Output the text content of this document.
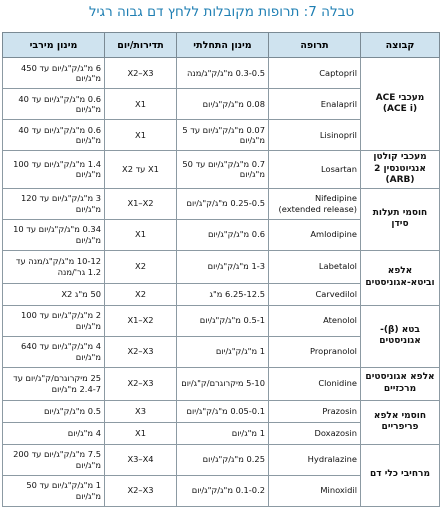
טבלה 7: תרופות מקובלות ללחץ דם גבוה רגיל
קבוצה	תרופה	מינון התחלתי	תדירות/יום	מינון מירבי
מעכבי ACE (ACE i)	Captopril	0.3-0.5 מ"ג/ק"ג/מנה	X2–X3	6 מ"ג/ק"ג/יום עד 450 מ"ג/יום
	Enalapril	0.08 מ"ג/ק"ג/יום	X1	0.6 מ"ג/ק"ג/יום עד 40 מ"ג/יום
	Lisinopril	0.07 מ"ג/ק"ג/יום עד 5 מ"ג/יום	X1	0.6 מ"ג/ק"ג/יום עד 40 מ"ג/יום
מעכבי קולטן אנגיוטנסין 2 (ARB)	Losartan	0.7 מ"ג/ק"ג/יום עד 50 מ"ג/יום	X1 עד X2	1.4 מ"ג/ק"ג/יום עד 100 מ"ג/יום
חוסמי תעלות סידן	Nifedipine (extended release)	0.25-0.5 מ"ג/ק"ג/יום	X1–X2	3 מ"ג/ק"ג/יום עד 120 מ"ג/יום
	Amlodipine	0.6 מ"ג/ק"ג/יום	X1	0.34 מ"ג/ק"ג/יום עד 10 מ"ג/יום
אלפא וביטא-אגוניסטים	Labetalol	1-3 מ"ג/ק"ג/יום	X2	10-12 מ"ג/ק"ג/מנה עד 1.2 גר'/מנה
	Carvedilol	6.25-12.5 מ"ג	X2	50 מ"ג X2
בטא (β)-אגוניסטים	Atenolol	0.5-1 מ"ג/ק"ג/יום	X1–X2	2 מ"ג/ק"ג/יום עד 100 מ"ג/יום
	Propranolol	1 מ"ג/ק"ג/יום	X2–X3	4 מ"ג/ק"ג/יום עד 640 מ"ג/יום
אלפא אגוניסטים מרכזיים	Clonidine	5-10 מיקרוגרם/ק"ג/יום	X2–X3	25 מיקרוגרם/ק"ג/יום עד 2.4-7 מ"ג/יום
חוסמי אלפא פריפריים	Prazosin	0.05-0.1 מ"ג/ק"ג/יום	X3	0.5 מ"ג/ק"ג/יום
	Doxazosin	1 מ"ג/יום	X1	4 מ"ג/יום
מרחיבי כלי דם	Hydralazine	0.25 מ"ג/ק"ג/יום	X3–X4	7.5 מ"ג/ק"ג/יום עד 200 מ"ג/יום
	Minoxidil	0.1-0.2 מ"ג/ק"ג/יום	X2–X3	1 מ"ג/ק"ג/יום עד 50 מ"ג/יום
